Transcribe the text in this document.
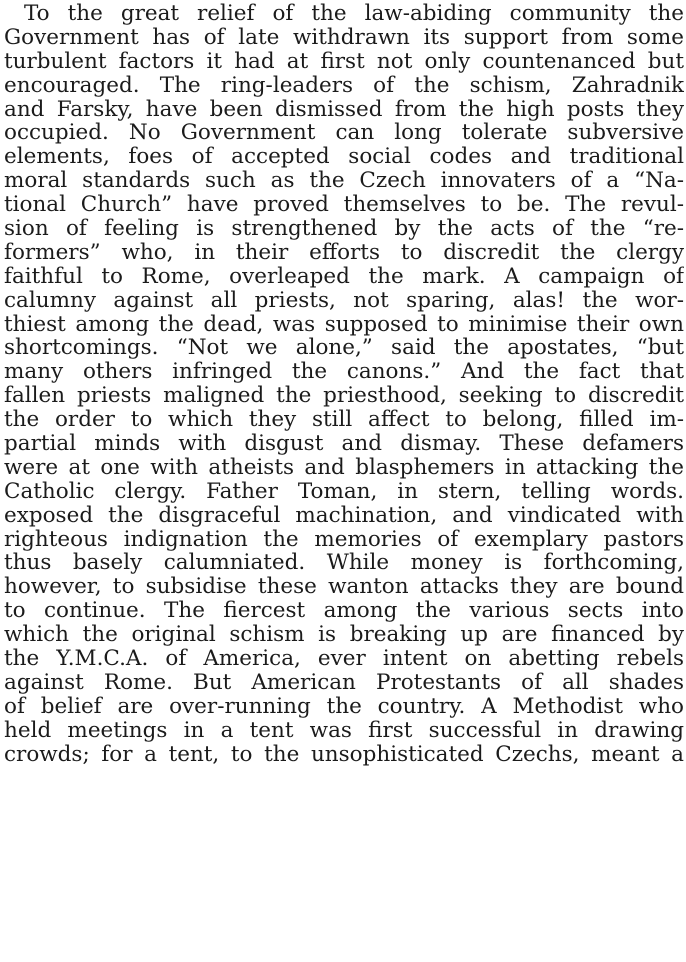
To the great relief of the law-abiding community the
Government has of late withdrawn its support from some
turbulent factors it had at first not only countenanced but
encouraged. The ring-leaders of the schism, Zahradnik
and Farsky, have been dismissed from the high posts they
occupied. No Government can long tolerate subversive
elements, foes of accepted social codes and traditional
moral standards such as the Czech innovaters of a “Na-
tional Church” have proved themselves to be. The revul-
sion of feeling is strengthened by the acts of the “re-
formers” who, in their efforts to discredit the clergy
faithful to Rome, overleaped the mark. A campaign of
calumny against all priests, not sparing, alas! the wor-
thiest among the dead, was supposed to minimise their own
shortcomings. “Not we alone,” said the apostates, “but
many others infringed the canons.” And the fact that
fallen priests maligned the priesthood, seeking to discredit
the order to which they still affect to belong, filled im-
partial minds with disgust and dismay. These defamers
were at one with atheists and blasphemers in attacking the
Catholic clergy. Father Toman, in stern, telling words.
exposed the disgraceful machination, and vindicated with
righteous indignation the memories of exemplary pastors
thus basely calumniated. While money is forthcoming,
however, to subsidise these wanton attacks they are bound
to continue. The fiercest among the various sects into
which the original schism is breaking up are financed by
the Y.M.C.A. of America, ever intent on abetting rebels
against Rome. But American Protestants of all shades
of belief are over-running the country. A Methodist who
held meetings in a tent was first successful in drawing
crowds; for a tent, to the unsophisticated Czechs, meant a
